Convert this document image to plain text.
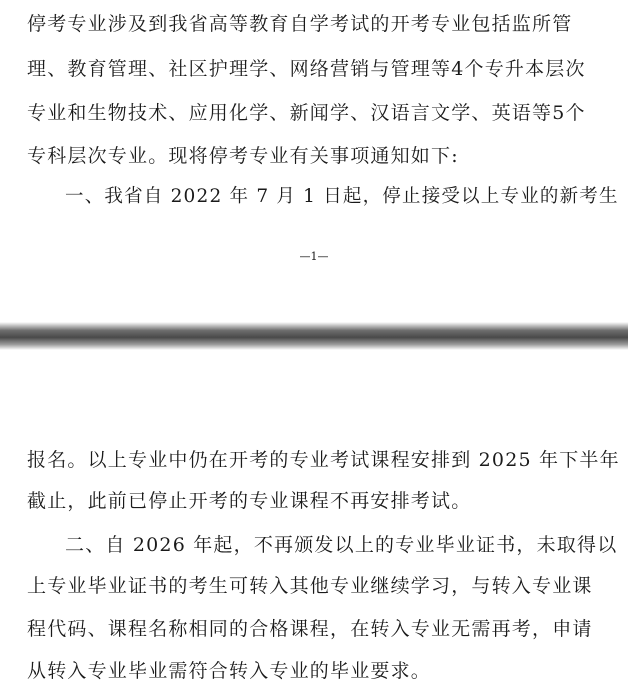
停考专业涉及到我省高等教育自学考试的开考专业包括监所管
理、教育管理、社区护理学、网络营销与管理等4个专升本层次
专业和生物技术、应用化学、新闻学、汉语言文学、英语等5个
专科层次专业。现将停考专业有关事项通知如下:
一、我省自 2022 年 7 月 1 日起，停止接受以上专业的新考生
—1—
报名。以上专业中仍在开考的专业考试课程安排到 2025 年下半年
截止，此前已停止开考的专业课程不再安排考试。
二、自 2026 年起，不再颁发以上的专业毕业证书，未取得以
上专业毕业证书的考生可转入其他专业继续学习，与转入专业课
程代码、课程名称相同的合格课程，在转入专业无需再考，申请
从转入专业毕业需符合转入专业的毕业要求。
